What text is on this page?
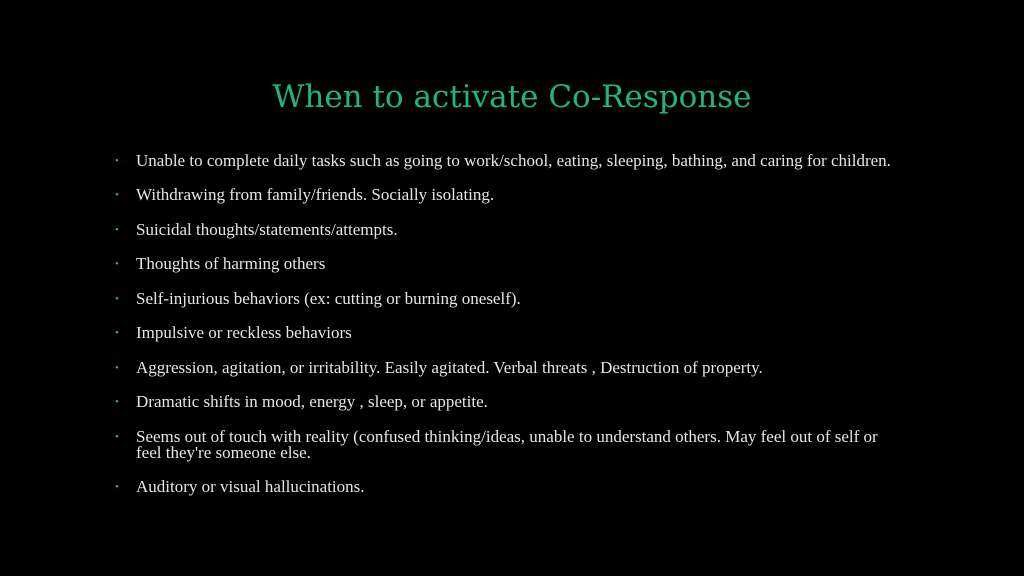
When to activate Co-Response
• Unable to complete daily tasks such as going to work/school, eating, sleeping, bathing, and caring for children.
• Withdrawing from family/friends. Socially isolating.
• Suicidal thoughts/statements/attempts.
• Thoughts of harming others
• Self-injurious behaviors (ex: cutting or burning oneself).
• Impulsive or reckless behaviors
• Aggression, agitation, or irritability. Easily agitated. Verbal threats , Destruction of property.
• Dramatic shifts in mood, energy , sleep, or appetite.
• Seems out of touch with reality (confused thinking/ideas, unable to understand others. May feel out of self or feel they're someone else.
• Auditory or visual hallucinations.
